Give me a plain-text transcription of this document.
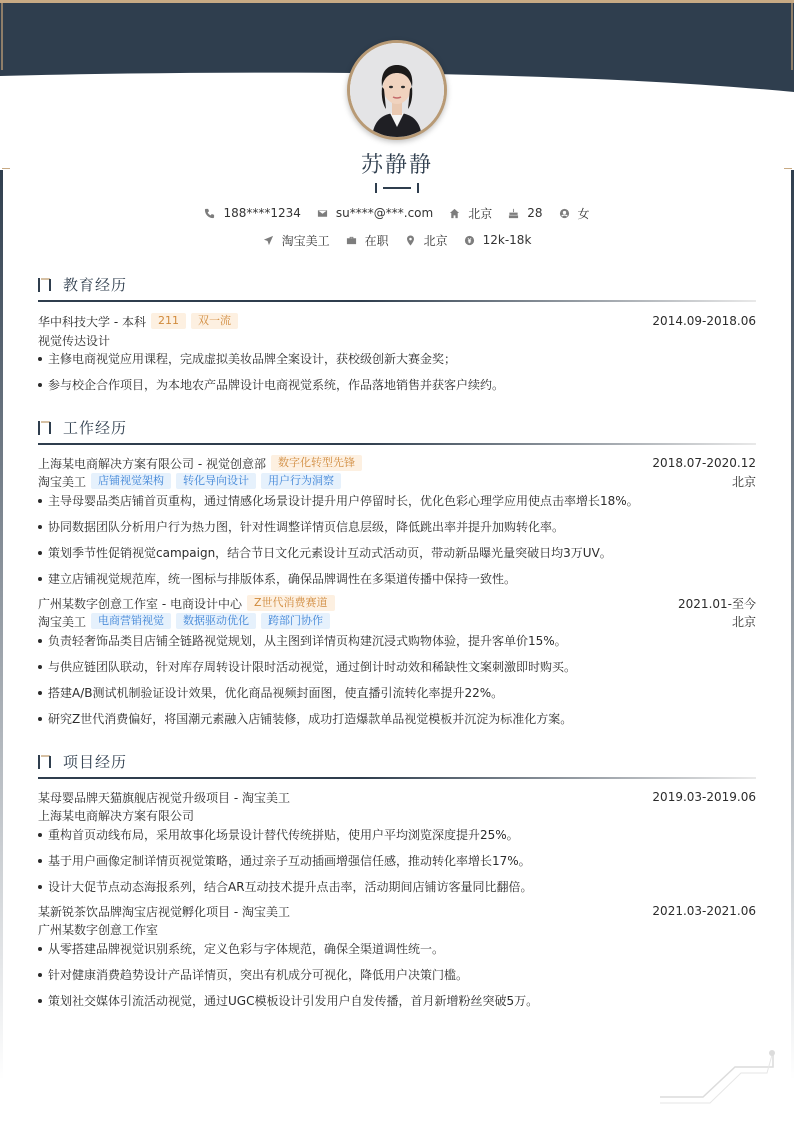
苏静静
188****1234	su****@***.com	北京	28	女
淘宝美工	在职	北京	12k-18k
教育经历
华中科技大学 - 本科	211	双一流	2014.09-2018.06
视觉传达设计
主修电商视觉应用课程，完成虚拟美妆品牌全案设计，获校级创新大赛金奖；
参与校企合作项目，为本地农产品牌设计电商视觉系统，作品落地销售并获客户续约。
工作经历
上海某电商解决方案有限公司 - 视觉创意部	数字化转型先锋	2018.07-2020.12
淘宝美工	店铺视觉架构	转化导向设计	用户行为洞察	北京
主导母婴品类店铺首页重构，通过情感化场景设计提升用户停留时长，优化色彩心理学应用使点击率增长18%。
协同数据团队分析用户行为热力图，针对性调整详情页信息层级，降低跳出率并提升加购转化率。
策划季节性促销视觉campaign，结合节日文化元素设计互动式活动页，带动新品曝光量突破日均3万UV。
建立店铺视觉规范库，统一图标与排版体系，确保品牌调性在多渠道传播中保持一致性。
广州某数字创意工作室 - 电商设计中心	Z世代消费赛道	2021.01-至今
淘宝美工	电商营销视觉	数据驱动优化	跨部门协作	北京
负责轻奢饰品类目店铺全链路视觉规划，从主图到详情页构建沉浸式购物体验，提升客单价15%。
与供应链团队联动，针对库存周转设计限时活动视觉，通过倒计时动效和稀缺性文案刺激即时购买。
搭建A/B测试机制验证设计效果，优化商品视频封面图，使直播引流转化率提升22%。
研究Z世代消费偏好，将国潮元素融入店铺装修，成功打造爆款单品视觉模板并沉淀为标准化方案。
项目经历
某母婴品牌天猫旗舰店视觉升级项目 - 淘宝美工	2019.03-2019.06
上海某电商解决方案有限公司
重构首页动线布局，采用故事化场景设计替代传统拼贴，使用户平均浏览深度提升25%。
基于用户画像定制详情页视觉策略，通过亲子互动插画增强信任感，推动转化率增长17%。
设计大促节点动态海报系列，结合AR互动技术提升点击率，活动期间店铺访客量同比翻倍。
某新锐茶饮品牌淘宝店视觉孵化项目 - 淘宝美工	2021.03-2021.06
广州某数字创意工作室
从零搭建品牌视觉识别系统，定义色彩与字体规范，确保全渠道调性统一。
针对健康消费趋势设计产品详情页，突出有机成分可视化，降低用户决策门槛。
策划社交媒体引流活动视觉，通过UGC模板设计引发用户自发传播，首月新增粉丝突破5万。
